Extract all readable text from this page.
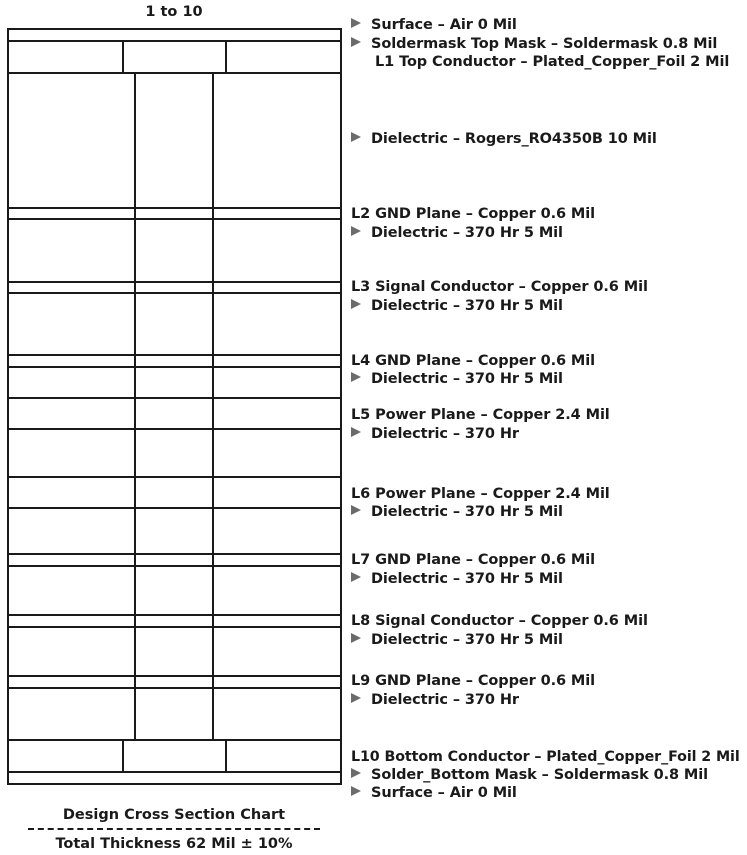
1 to 10
Surface – Air 0 Mil
Soldermask Top Mask – Soldermask 0.8 Mil
L1 Top Conductor – Plated_Copper_Foil 2 Mil
Dielectric – Rogers_RO4350B 10 Mil
L2 GND Plane – Copper 0.6 Mil
Dielectric – 370 Hr 5 Mil
L3 Signal Conductor – Copper 0.6 Mil
Dielectric – 370 Hr 5 Mil
L4 GND Plane – Copper 0.6 Mil
Dielectric – 370 Hr 5 Mil
L5 Power Plane – Copper 2.4 Mil
Dielectric – 370 Hr
L6 Power Plane – Copper 2.4 Mil
Dielectric – 370 Hr 5 Mil
L7 GND Plane – Copper 0.6 Mil
Dielectric – 370 Hr 5 Mil
L8 Signal Conductor – Copper 0.6 Mil
Dielectric – 370 Hr 5 Mil
L9 GND Plane – Copper 0.6 Mil
Dielectric – 370 Hr
L10 Bottom Conductor – Plated_Copper_Foil 2 Mil
Solder_Bottom Mask – Soldermask 0.8 Mil
Surface – Air 0 Mil
Design Cross Section Chart
Total Thickness 62 Mil ± 10%
